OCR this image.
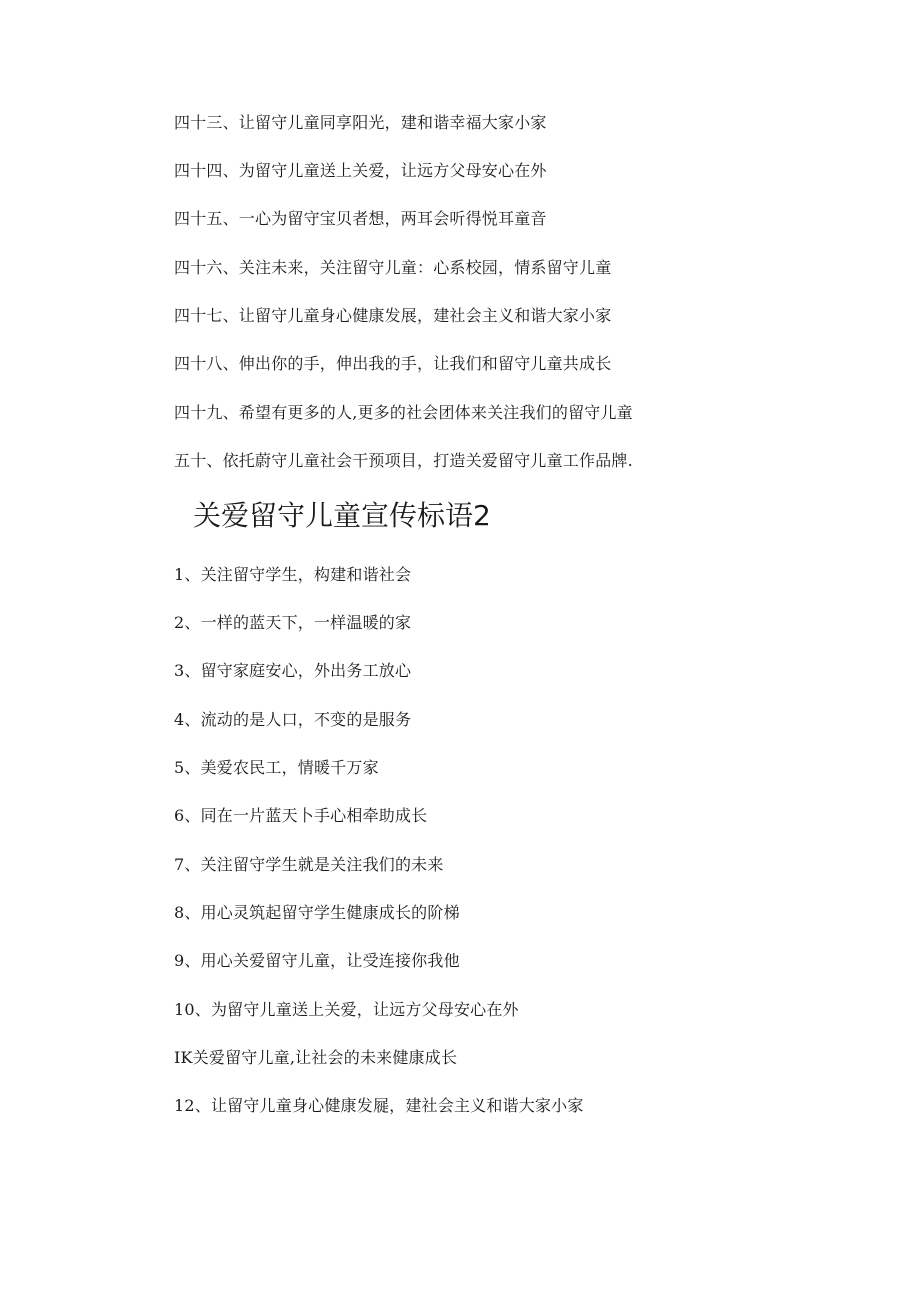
四十三、让留守儿童同享阳光，建和谐幸福大家小家
四十四、为留守儿童送上关爱，让远方父母安心在外
四十五、一心为留守宝贝者想，两耳会听得悦耳童音
四十六、关注未来，关注留守儿童：心系校园，情系留守儿童
四十七、让留守儿童身心健康发展，建社会主义和谐大家小家
四十八、伸出你的手，伸出我的手，让我们和留守儿童共成长
四十九、希望有更多的人,更多的社会团体来关注我们的留守儿童
五十、依托蔚守儿童社会干预项目，打造关爱留守儿童工作品牌.
关爱留守儿童宣传标语2
1、关注留守学生，构建和谐社会
2、一样的蓝天下，一样温暖的家
3、留守家庭安心，外出务工放心
4、流动的是人口，不变的是服务
5、美爱农民工，情暖千万家
6、同在一片蓝天卜手心相牵助成长
7、关注留守学生就是关注我们的未来
8、用心灵筑起留守学生健康成长的阶梯
9、用心关爱留守儿童，让受连接你我他
10、为留守儿童送上关爱，让远方父母安心在外
IK关爱留守儿童,让社会的未来健康成长
12、让留守儿童身心健康发屣，建社会主义和谐大家小家
